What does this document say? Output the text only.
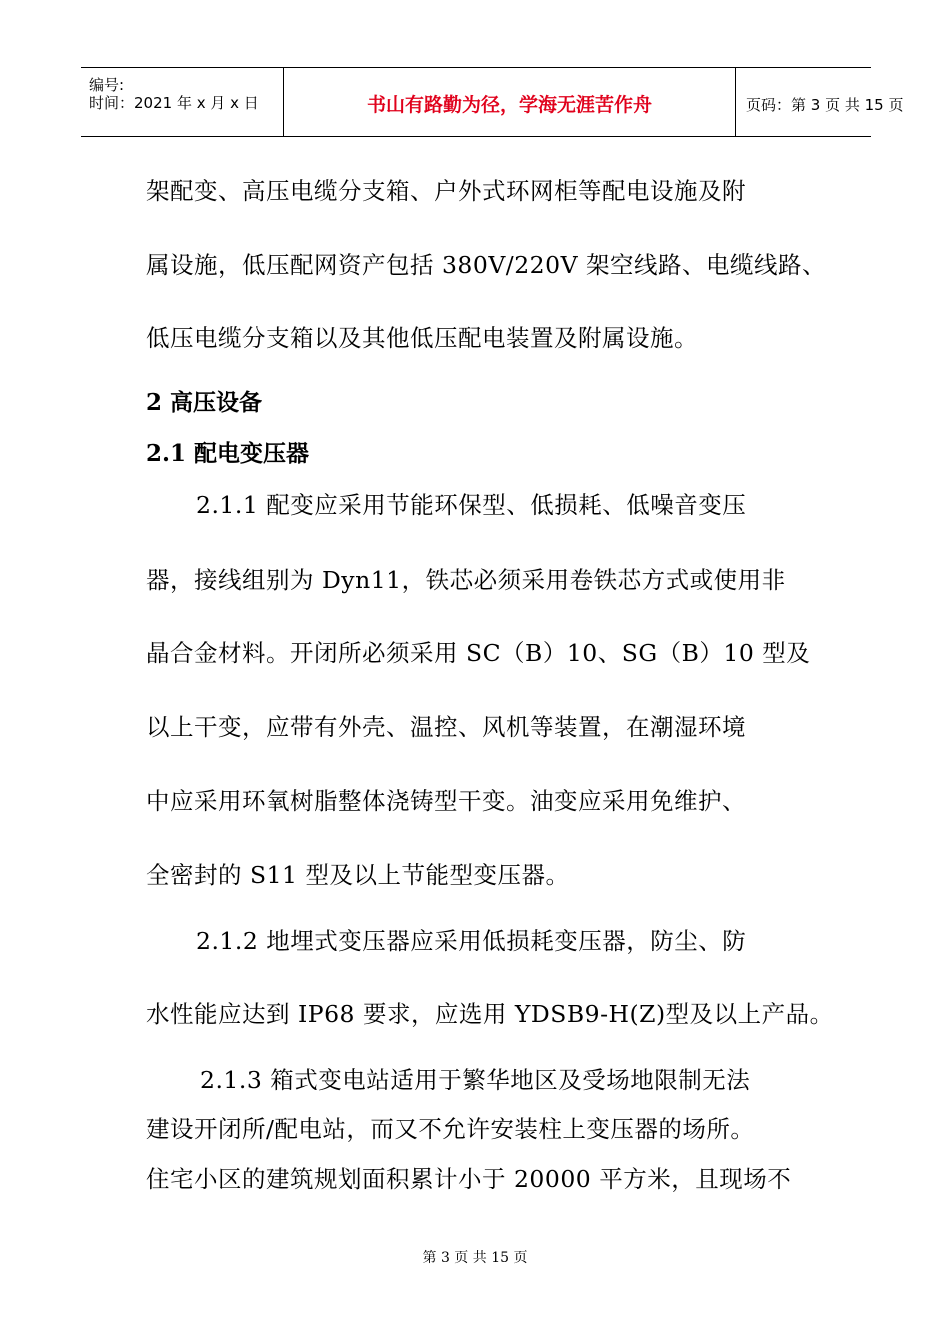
编号:
时间：2021 年 x 月 x 日	书山有路勤为径，学海无涯苦作舟	页码：第 3 页 共 15 页
架配变、高压电缆分支箱、户外式环网柜等配电设施及附
属设施，低压配网资产包括 380V/220V 架空线路、电缆线路、
低压电缆分支箱以及其他低压配电装置及附属设施。
2 高压设备
2.1 配电变压器
2.1.1 配变应采用节能环保型、低损耗、低噪音变压
器，接线组别为 Dyn11，铁芯必须采用卷铁芯方式或使用非
晶合金材料。开闭所必须采用 SC（B）10、SG（B）10 型及
以上干变，应带有外壳、温控、风机等装置，在潮湿环境
中应采用环氧树脂整体浇铸型干变。油变应采用免维护、
全密封的 S11 型及以上节能型变压器。
2.1.2 地埋式变压器应采用低损耗变压器，防尘、防
水性能应达到 IP68 要求，应选用 YDSB9-H(Z)型及以上产品。
2.1.3 箱式变电站适用于繁华地区及受场地限制无法
建设开闭所/配电站，而又不允许安装柱上变压器的场所。
住宅小区的建筑规划面积累计小于 20000 平方米，且现场不
第 3 页 共 15 页
